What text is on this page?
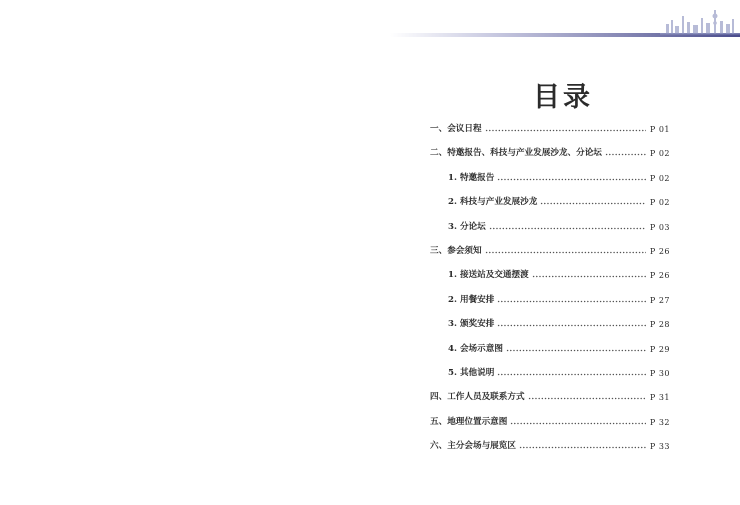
目录
一、会议日程	P 01
二、特邀报告、科技与产业发展沙龙、分论坛	P 02
1. 特邀报告	P 02
2. 科技与产业发展沙龙	P 02
3. 分论坛	P 03
三、参会须知	P 26
1. 接送站及交通摆渡	P 26
2. 用餐安排	P 27
3. 颁奖安排	P 28
4. 会场示意图	P 29
5. 其他说明	P 30
四、工作人员及联系方式	P 31
五、地理位置示意图	P 32
六、主分会场与展览区	P 33
